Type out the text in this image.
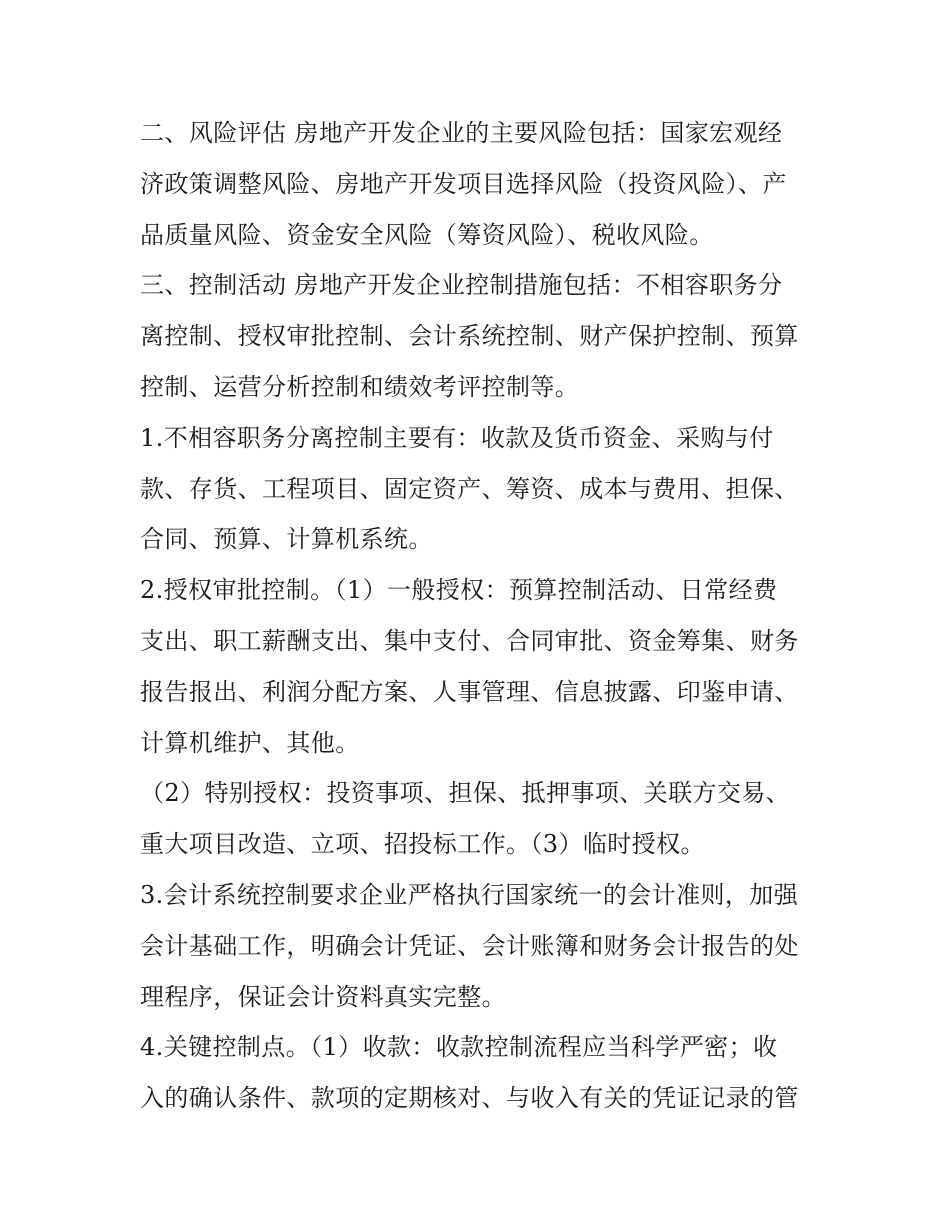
二、风险评估 房地产开发企业的主要风险包括：国家宏观经
济政策调整风险、房地产开发项目选择风险（投资风险）、产
品质量风险、资金安全风险（筹资风险）、税收风险。
三、控制活动 房地产开发企业控制措施包括：不相容职务分
离控制、授权审批控制、会计系统控制、财产保护控制、预算
控制、运营分析控制和绩效考评控制等。
1.不相容职务分离控制主要有：收款及货币资金、采购与付
款、存货、工程项目、固定资产、筹资、成本与费用、担保、
合同、预算、计算机系统。
2.授权审批控制。（1）一般授权：预算控制活动、日常经费
支出、职工薪酬支出、集中支付、合同审批、资金筹集、财务
报告报出、利润分配方案、人事管理、信息披露、印鉴申请、
计算机维护、其他。
（2）特别授权：投资事项、担保、抵押事项、关联方交易、
重大项目改造、立项、招投标工作。（3）临时授权。
3.会计系统控制要求企业严格执行国家统一的会计准则，加强
会计基础工作，明确会计凭证、会计账簿和财务会计报告的处
理程序，保证会计资料真实完整。
4.关键控制点。（1）收款：收款控制流程应当科学严密；收
入的确认条件、款项的定期核对、与收入有关的凭证记录的管
